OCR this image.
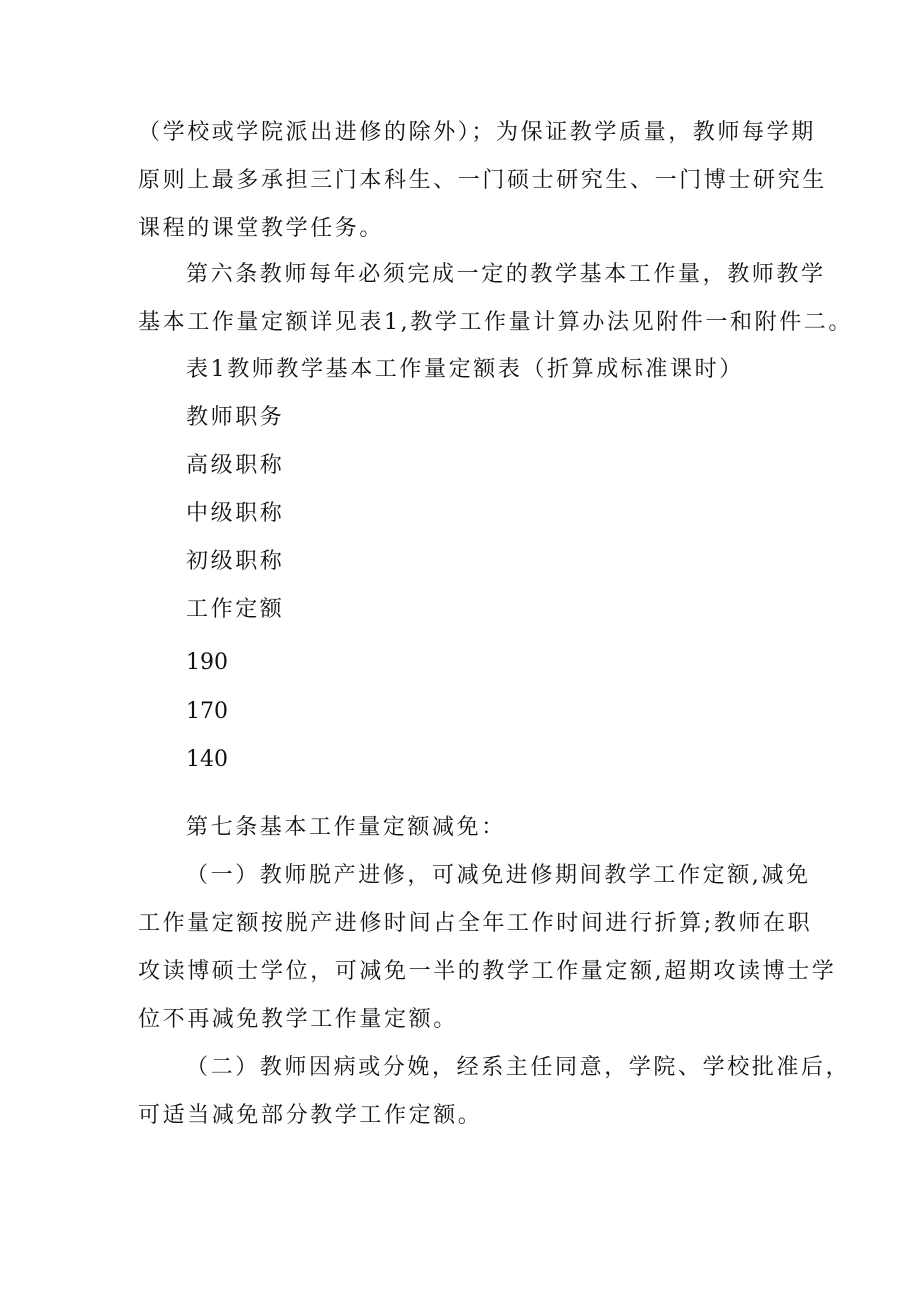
（学校或学院派出进修的除外）；为保证教学质量，教师每学期
原则上最多承担三门本科生、一门硕士研究生、一门博士研究生
课程的课堂教学任务。
第六条教师每年必须完成一定的教学基本工作量，教师教学
基本工作量定额详见表1,教学工作量计算办法见附件一和附件二。
表1教师教学基本工作量定额表（折算成标准课时）
教师职务
高级职称
中级职称
初级职称
工作定额
190
170
140
第七条基本工作量定额减免：
（一）教师脱产进修，可减免进修期间教学工作定额,减免
工作量定额按脱产进修时间占全年工作时间进行折算;教师在职
攻读博硕士学位，可减免一半的教学工作量定额,超期攻读博士学
位不再减免教学工作量定额。
（二）教师因病或分娩，经系主任同意，学院、学校批准后，
可适当减免部分教学工作定额。
